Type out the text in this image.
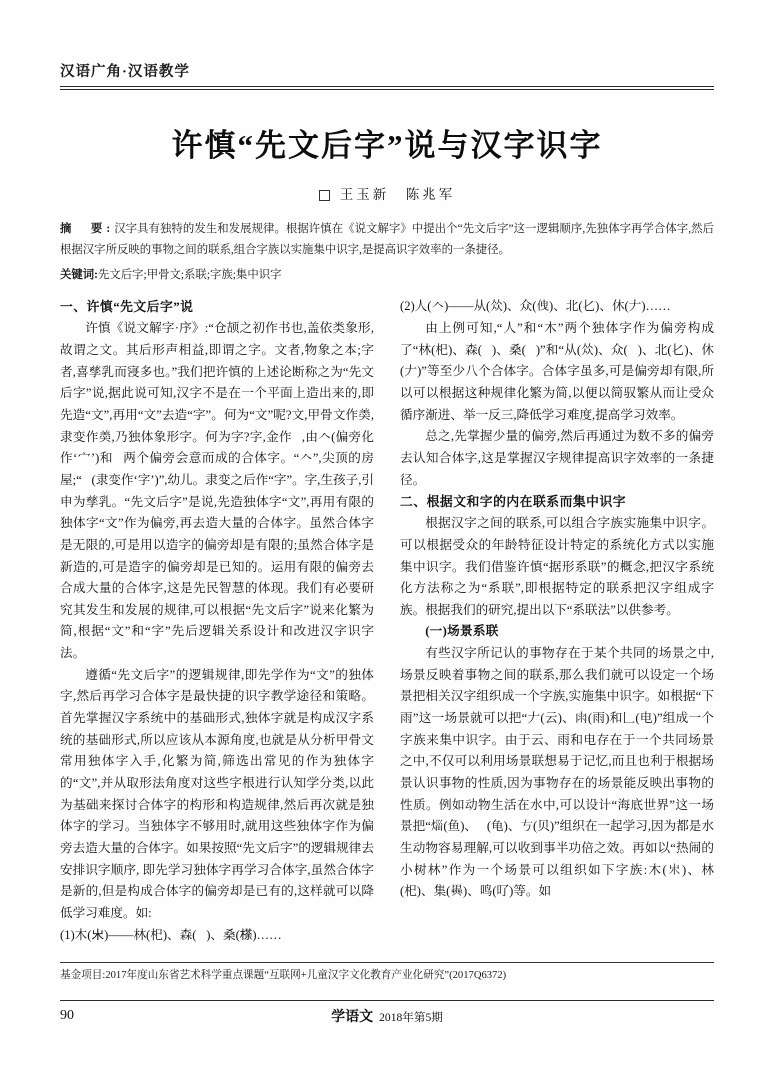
汉语广角·汉语教学
许慎“先文后字”说与汉字识字
王玉新　陈兆军
摘　要:汉字具有独特的发生和发展规律。根据许慎在《说文解字》中提出个“先文后字”这一逻辑顺序,先独体字再学合体字,然后根据汉字所反映的事物之间的联系,组合字族以实施集中识字,是提高识字效率的一条捷径。
关键词:先文后字;甲骨文;系联;字族;集中识字
一、许慎“先文后字”说

许慎《说文解字·序》:“仓颉之初作书也,盖依类象形,故谓之文。其后形声相益,即谓之字。文者,物象之本;字者,喜孳乳而寖多也。”我们把许慎的上述论断称之为“先文后字”说,据此说可知,汉字不是在一个平面上造出来的,即先造“文”,再用“文”去造“字”。何为“文”呢?文,甲骨文作𡙡,隶变作𡙡,乃独体象形字。何为字?字,金作𡦹,由𠆢(偏旁化作‘宀’)和𡥉两个偏旁会意而成的合体字。“𠆢”,尖顶的房屋;“𡥉(隶变作‘字’)”,幼儿。隶变之后作“字”。字,生孩子,引申为孳乳。“先文后字”是说,先造独体字“文”,再用有限的独体字“文”作为偏旁,再去造大量的合体字。虽然合体字是无限的,可是用以造字的偏旁却是有限的;虽然合体字是新造的,可是造字的偏旁却是已知的。运用有限的偏旁去合成大量的合体字,这是先民智慧的体现。我们有必要研究其发生和发展的规律,可以根据“先文后字”说来化繁为简,根据“文”和“字”先后逻辑关系设计和改进汉字识字法。

遵循“先文后字”的逻辑规律,即先学作为“文”的独体字,然后再学习合体字是最快捷的识字教学途径和策略。首先掌握汉字系统中的基础形式,独体字就是构成汉字系统的基础形式,所以应该从本源角度,也就是从分析甲骨文常用独体字入手,化繁为简,筛选出常见的作为独体字的“文”,并从取形法角度对这些字根进行认知学分类,以此为基础来探讨合体字的构形和构造规律,然后再次就是独体字的学习。当独体字不够用时,就用这些独体字作为偏旁去造大量的合体字。如果按照“先文后字”的逻辑规律去安排识字顺序, 即先学习独体字再学习合体字,虽然合体字是新的,但是构成合体字的偏旁却是已有的,这样就可以降低学习难度。如:

(1)木(𣎵)——林(𣏌)、森(𣕛)、桑(𣘻)……

(2)人(𠆢)——从(𠈌)、众(𠈐)、北(𠤎)、休(𠂇)……

由上例可知,“人”和“木”两个独体字作为偏旁构成了“林(𣏌)、森(𣕛)、桑(𣘻)”和“从(𠈌)、众(𠈐)、北(𠤎)、休(𠂇)”等至少八个合体字。合体字虽多,可是偏旁却有限,所以可以根据这种规律化繁为简,以便以简驭繁从而让受众循序渐进、举一反三,降低学习难度,提高学习效率。

总之,先掌握少量的偏旁,然后再通过为数不多的偏旁去认知合体字,这是掌握汉字规律提高识字效率的一条捷径。

二、根据文和字的内在联系而集中识字

根据汉字之间的联系,可以组合字族实施集中识字。可以根据受众的年龄特征设计特定的系统化方式以实施集中识字。我们借鉴许慎“据形系联”的概念,把汉字系统化方法称之为“系联”,即根据特定的联系把汉字组成字族。根据我们的研究,提出以下“系联法”以供参考。

(一)场景系联

有些汉字所记认的事物存在于某个共同的场景之中,场景反映着事物之间的联系,那么我们就可以设定一个场景把相关汉字组织成一个字族,实施集中识字。如根据“下雨”这一场景就可以把“𠂇(云)、𠕒(雨)和𠃊(电)”组成一个字族来集中识字。由于云、雨和电存在于一个共同场景之中,不仅可以利用场景联想易于记忆,而且也利于根据场景认识事物的性质,因为事物存在的场景能反映出事物的性质。例如动物生活在水中,可以设计“海底世界”这一场景把“𤉣(鱼)、𤰔(龟)、𠀁(贝)”组织在一起学习,因为都是水生动物容易理解,可以收到事半功倍之效。再如以“热闹的小树林”作为一个场景可以组织如下字族:木(𣎵)、林(𣏌)、集(𠔱)、鸣(𠮩)等。如

基金项目:2017年度山东省艺术科学重点课题“互联网+儿童汉字文化教育产业化研究”(2017Q6372)
90	学语文 2018年第5期
